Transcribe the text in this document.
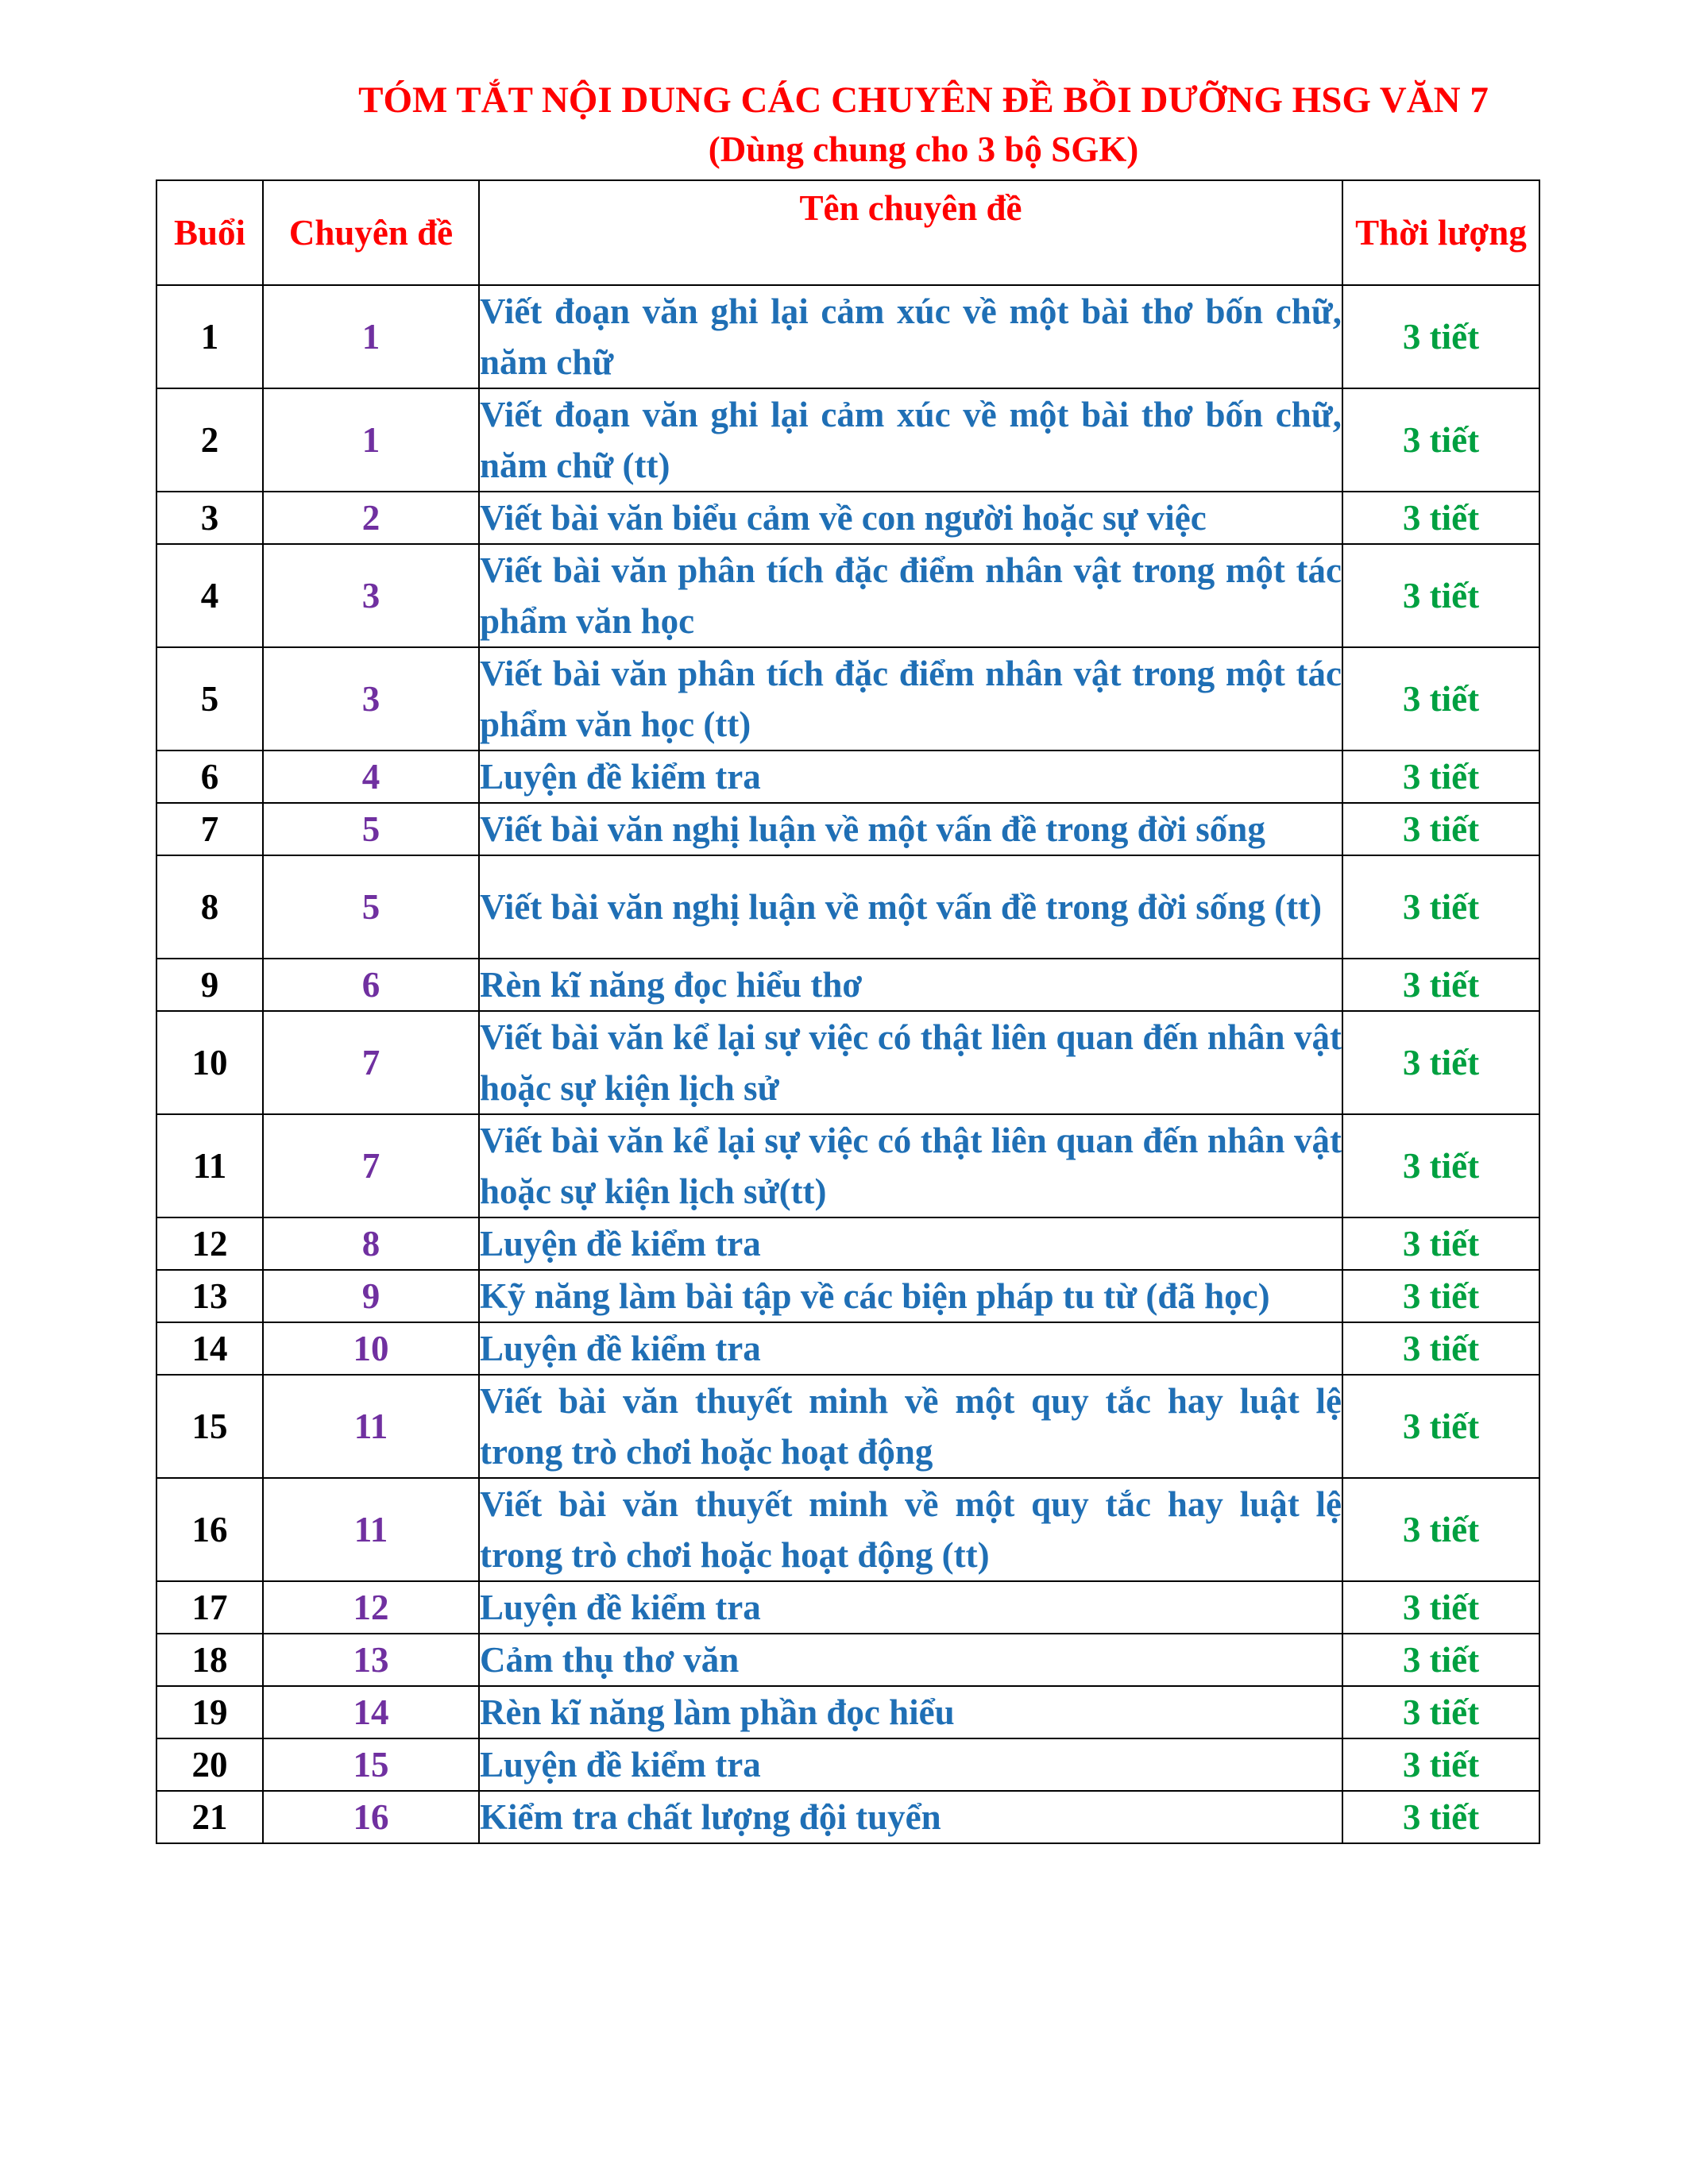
TÓM TẮT NỘI DUNG CÁC CHUYÊN ĐỀ BỒI DƯỠNG HSG VĂN 7
(Dùng chung cho 3 bộ SGK)
Buổi	Chuyên đề	Tên chuyên đề	Thời lượng
1	1	Viết đoạn văn ghi lại cảm xúc về một bài thơ bốn chữ, năm chữ	3 tiết
2	1	Viết đoạn văn ghi lại cảm xúc về một bài thơ bốn chữ, năm chữ (tt)	3 tiết
3	2	Viết bài văn biểu cảm về con người hoặc sự việc	3 tiết
4	3	Viết bài văn phân tích đặc điểm nhân vật trong một tác phẩm văn học	3 tiết
5	3	Viết bài văn phân tích đặc điểm nhân vật trong một tác phẩm văn học (tt)	3 tiết
6	4	Luyện đề kiểm tra	3 tiết
7	5	Viết bài văn nghị luận về một vấn đề trong đời sống	3 tiết
8	5	Viết bài văn nghị luận về một vấn đề trong đời sống (tt)	3 tiết
9	6	Rèn kĩ năng đọc hiểu thơ	3 tiết
10	7	Viết bài văn kể lại sự việc có thật liên quan đến nhân vật hoặc sự kiện lịch sử	3 tiết
11	7	Viết bài văn kể lại sự việc có thật liên quan đến nhân vật hoặc sự kiện lịch sử(tt)	3 tiết
12	8	Luyện đề kiểm tra	3 tiết
13	9	Kỹ năng làm bài tập về các biện pháp tu từ (đã học)	3 tiết
14	10	Luyện đề kiểm tra	3 tiết
15	11	Viết bài văn thuyết minh về một quy tắc hay luật lệ trong trò chơi hoặc hoạt động	3 tiết
16	11	Viết bài văn thuyết minh về một quy tắc hay luật lệ trong trò chơi hoặc hoạt động (tt)	3 tiết
17	12	Luyện đề kiểm tra	3 tiết
18	13	Cảm thụ thơ văn	3 tiết
19	14	Rèn kĩ năng làm phần đọc hiểu	3 tiết
20	15	Luyện đề kiểm tra	3 tiết
21	16	Kiểm tra chất lượng đội tuyển	3 tiết
